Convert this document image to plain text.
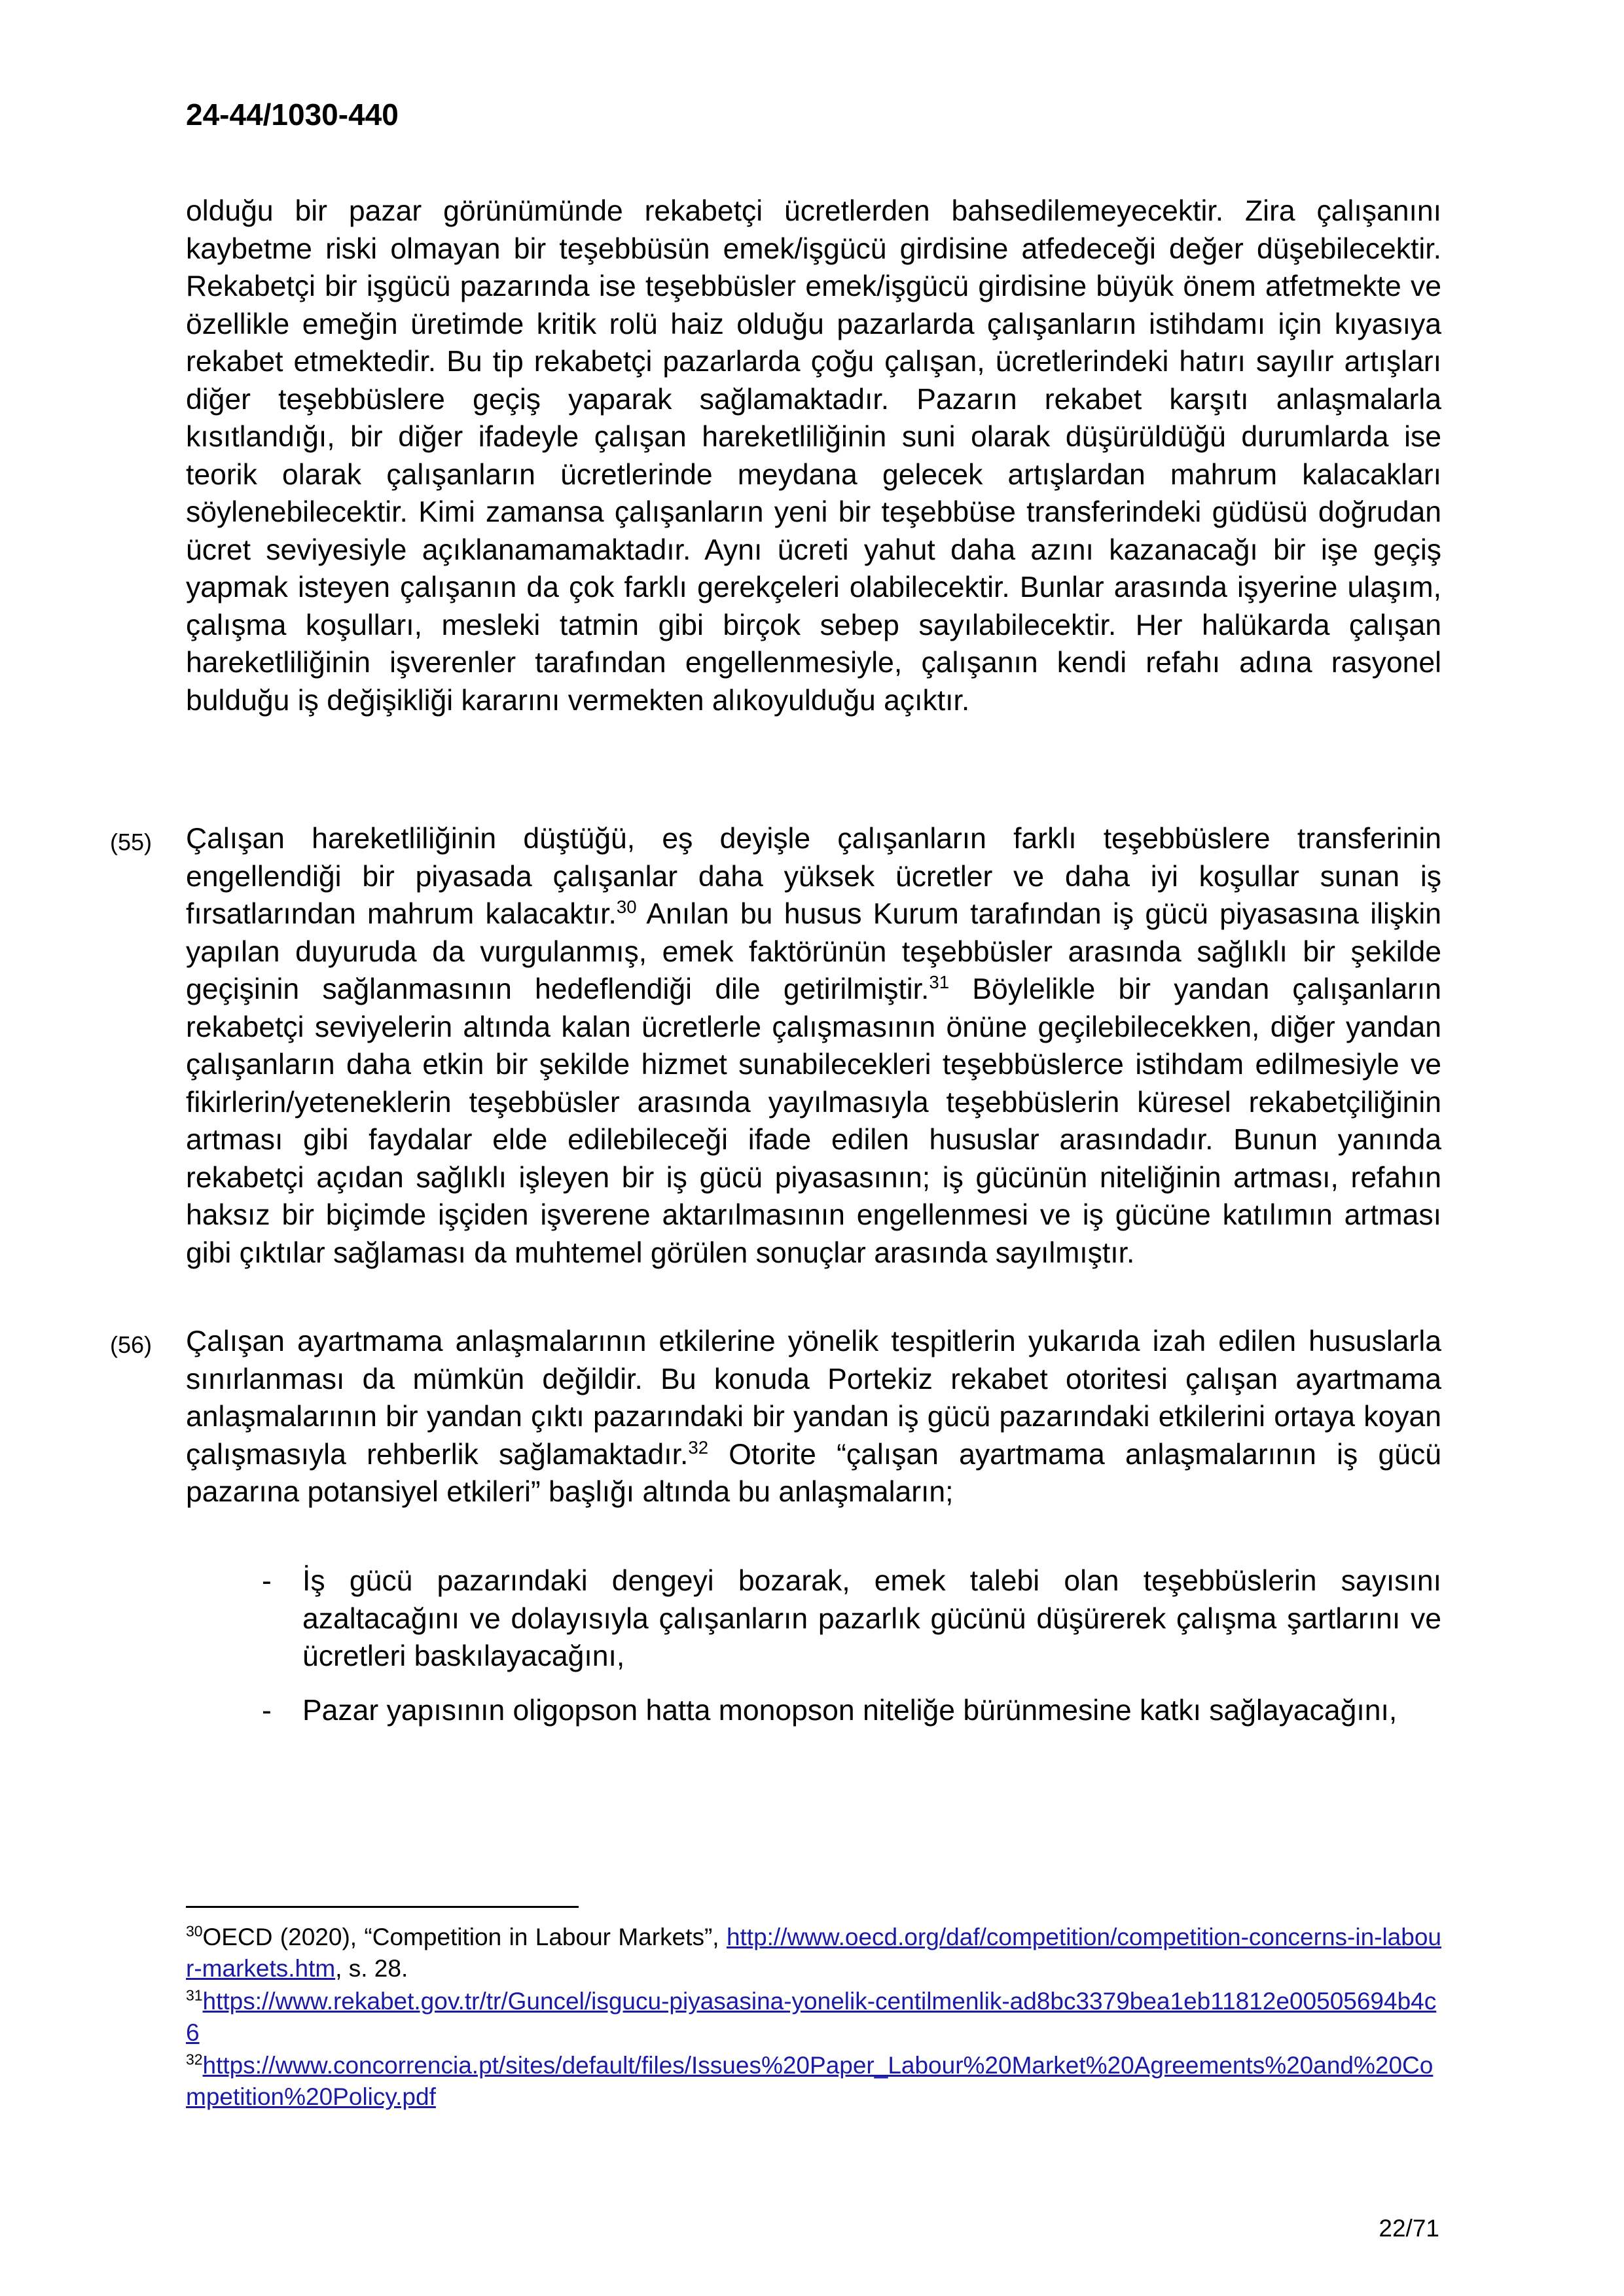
24-44/1030-440

olduğu bir pazar görünümünde rekabetçi ücretlerden bahsedilemeyecektir. Zira çalışanını kaybetme riski olmayan bir teşebbüsün emek/işgücü girdisine atfedeceği değer düşebilecektir. Rekabetçi bir işgücü pazarında ise teşebbüsler emek/işgücü girdisine büyük önem atfetmekte ve özellikle emeğin üretimde kritik rolü haiz olduğu pazarlarda çalışanların istihdamı için kıyasıya rekabet etmektedir. Bu tip rekabetçi pazarlarda çoğu çalışan, ücretlerindeki hatırı sayılır artışları diğer teşebbüslere geçiş yaparak sağlamaktadır. Pazarın rekabet karşıtı anlaşmalarla kısıtlandığı, bir diğer ifadeyle çalışan hareketliliğinin suni olarak düşürüldüğü durumlarda ise teorik olarak çalışanların ücretlerinde meydana gelecek artışlardan mahrum kalacakları söylenebilecektir. Kimi zamansa çalışanların yeni bir teşebbüse transferindeki güdüsü doğrudan ücret seviyesiyle açıklanamamaktadır. Aynı ücreti yahut daha azını kazanacağı bir işe geçiş yapmak isteyen çalışanın da çok farklı gerekçeleri olabilecektir. Bunlar arasında işyerine ulaşım, çalışma koşulları, mesleki tatmin gibi birçok sebep sayılabilecektir. Her halükarda çalışan hareketliliğinin işverenler tarafından engellenmesiyle, çalışanın kendi refahı adına rasyonel bulduğu iş değişikliği kararını vermekten alıkoyulduğu açıktır.

(55) Çalışan hareketliliğinin düştüğü, eş deyişle çalışanların farklı teşebbüslere transferinin engellendiği bir piyasada çalışanlar daha yüksek ücretler ve daha iyi koşullar sunan iş fırsatlarından mahrum kalacaktır.$^{30}$ Anılan bu husus Kurum tarafından iş gücü piyasasına ilişkin yapılan duyuruda da vurgulanmış, emek faktörünün teşebbüsler arasında sağlıklı bir şekilde geçişinin sağlanmasının hedeflendiği dile getirilmiştir.$^{31}$ Böylelikle bir yandan çalışanların rekabetçi seviyelerin altında kalan ücretlerle çalışmasının önüne geçilebilecekken, diğer yandan çalışanların daha etkin bir şekilde hizmet sunabilecekleri teşebbüslerce istihdam edilmesiyle ve fikirlerin/yeteneklerin teşebbüsler arasında yayılmasıyla teşebbüslerin küresel rekabetçiliğinin artması gibi faydalar elde edilebileceği ifade edilen hususlar arasındadır. Bunun yanında rekabetçi açıdan sağlıklı işleyen bir iş gücü piyasasının; iş gücünün niteliğinin artması, refahın haksız bir biçimde işçiden işverene aktarılmasının engellenmesi ve iş gücüne katılımın artması gibi çıktılar sağlaması da muhtemel görülen sonuçlar arasında sayılmıştır.

(56) Çalışan ayartmama anlaşmalarının etkilerine yönelik tespitlerin yukarıda izah edilen hususlarla sınırlanması da mümkün değildir. Bu konuda Portekiz rekabet otoritesi çalışan ayartmama anlaşmalarının bir yandan çıktı pazarındaki bir yandan iş gücü pazarındaki etkilerini ortaya koyan çalışmasıyla rehberlik sağlamaktadır.$^{32}$ Otorite “çalışan ayartmama anlaşmalarının iş gücü pazarına potansiyel etkileri” başlığı altında bu anlaşmaların;

- İş gücü pazarındaki dengeyi bozarak, emek talebi olan teşebbüslerin sayısını azaltacağını ve dolayısıyla çalışanların pazarlık gücünü düşürerek çalışma şartlarını ve ücretleri baskılayacağını,

- Pazar yapısının oligopson hatta monopson niteliğe bürünmesine katkı sağlayacağını,

$^{30}$OECD (2020), “Competition in Labour Markets”, http://www.oecd.org/daf/competition/competition-concerns-in-labour-markets.htm, s. 28.

$^{31}$https://www.rekabet.gov.tr/tr/Guncel/isgucu-piyasasina-yonelik-centilmenlik-ad8bc3379bea1eb11812e00505694b4c6

$^{32}$https://www.concorrencia.pt/sites/default/files/Issues%20Paper_Labour%20Market%20Agreements%20and%20Competition%20Policy.pdf

22/71
